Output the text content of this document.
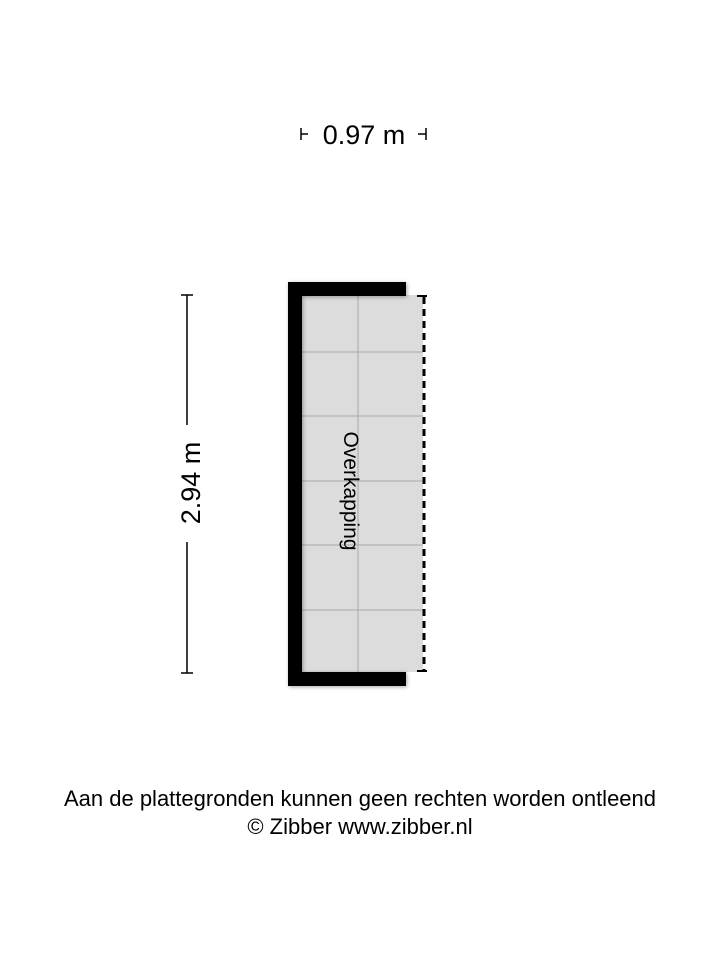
0.97 m
2.94 m	Overkapping
Aan de plattegronden kunnen geen rechten worden ontleend
© Zibber www.zibber.nl
